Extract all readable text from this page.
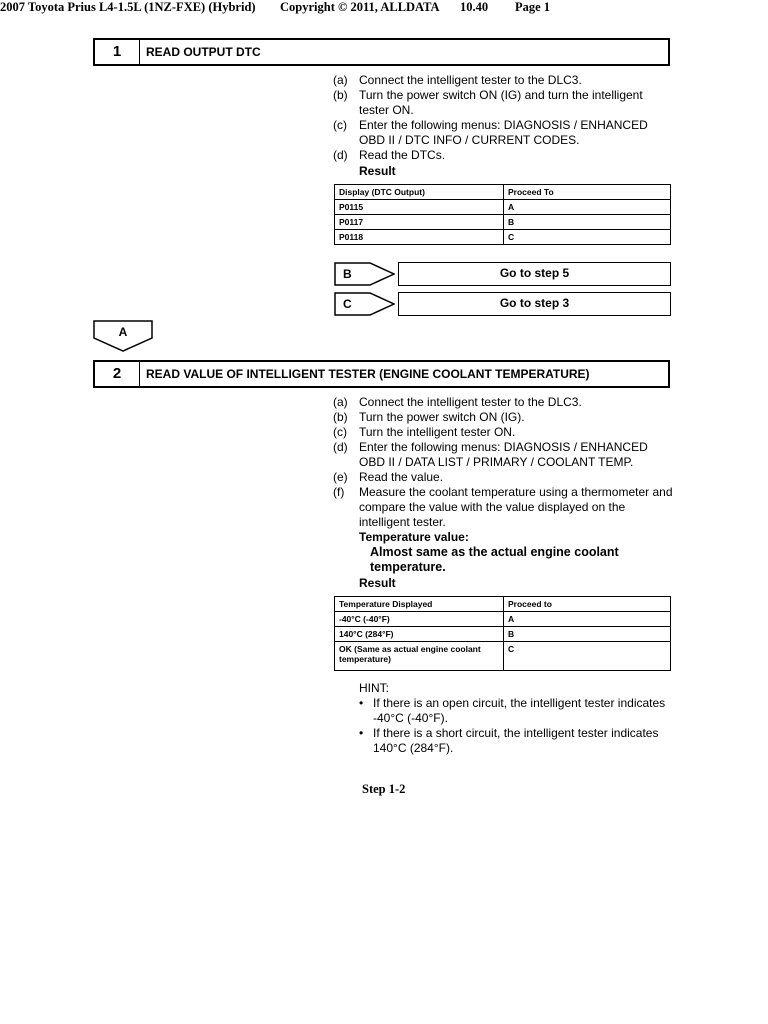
2007 Toyota Prius L4-1.5L (1NZ-FXE) (Hybrid) Copyright © 2011, ALLDATA 10.40 Page 1
1	READ OUTPUT DTC
(a) Connect the intelligent tester to the DLC3.
(b) Turn the power switch ON (IG) and turn the intelligent tester ON.
(c)	Enter the following menus: DIAGNOSIS / ENHANCED OBD II / DTC INFO / CURRENT CODES.
(d) Read the DTCs.
Result
Display (DTC Output)	Proceed To
P0115	A
P0117	B
P0118	C
B	Go to step 5
C	Go to step 3
A
2	READ VALUE OF INTELLIGENT TESTER (ENGINE COOLANT TEMPERATURE)
(a) Connect the intelligent tester to the DLC3.
(b) Turn the power switch ON (IG).
(c)	Turn the intelligent tester ON.
(d) Enter the following menus: DIAGNOSIS / ENHANCED OBD II / DATA LIST / PRIMARY / COOLANT TEMP.
(e) Read the value.
(f)	Measure the coolant temperature using a thermometer and compare the value with the value displayed on the intelligent tester.
Temperature value:
Almost same as the actual engine coolant temperature.
Result
Temperature Displayed	Proceed to
-40°C (-40°F)	A
140°C (284°F)	B
OK (Same as actual engine coolant temperature)	C
HINT:
• If there is an open circuit, the intelligent tester indicates -40°C (-40°F).
• If there is a short circuit, the intelligent tester indicates 140°C (284°F).
Step 1-2
